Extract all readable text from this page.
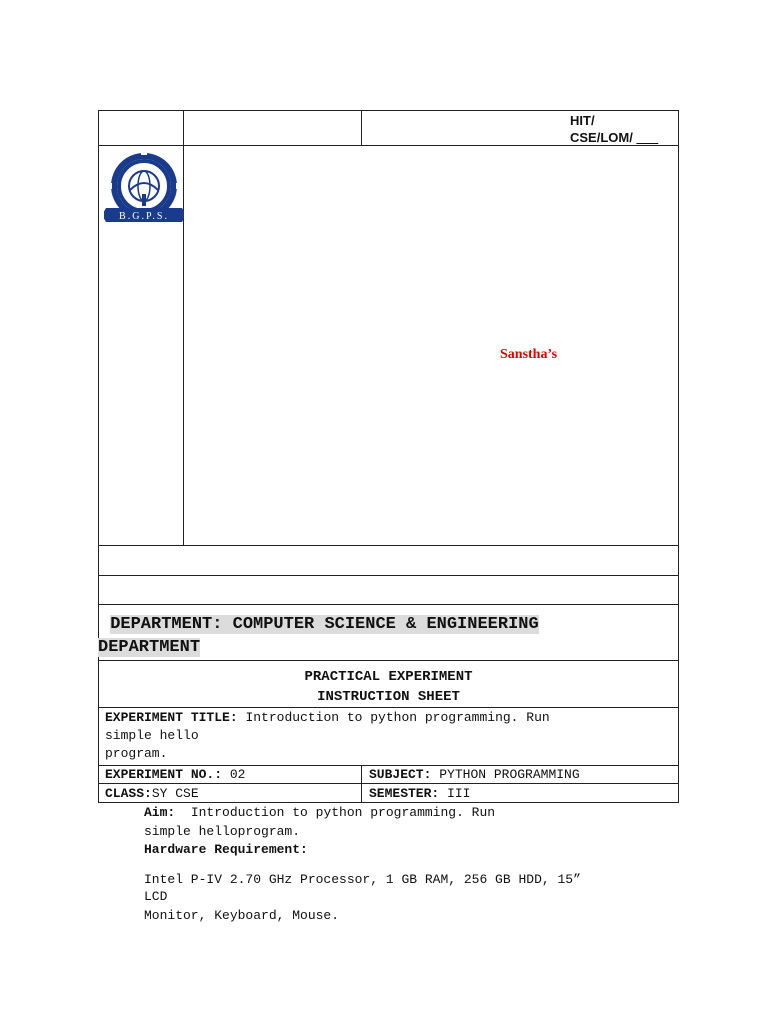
HIT/
CSE/LOM/ ___
B.G.P.S.
Sanstha’s
DEPARTMENT: COMPUTER SCIENCE & ENGINEERING
DEPARTMENT
PRACTICAL EXPERIMENT
INSTRUCTION SHEET
EXPERIMENT TITLE: Introduction to python programming. Run
simple hello
program.
EXPERIMENT NO.: 02	SUBJECT: PYTHON PROGRAMMING
CLASS:SY CSE	SEMESTER: III
Aim: Introduction to python programming. Run
simple helloprogram.
Hardware Requirement:
Intel P-IV 2.70 GHz Processor, 1 GB RAM, 256 GB HDD, 15”
LCD
Monitor, Keyboard, Mouse.
